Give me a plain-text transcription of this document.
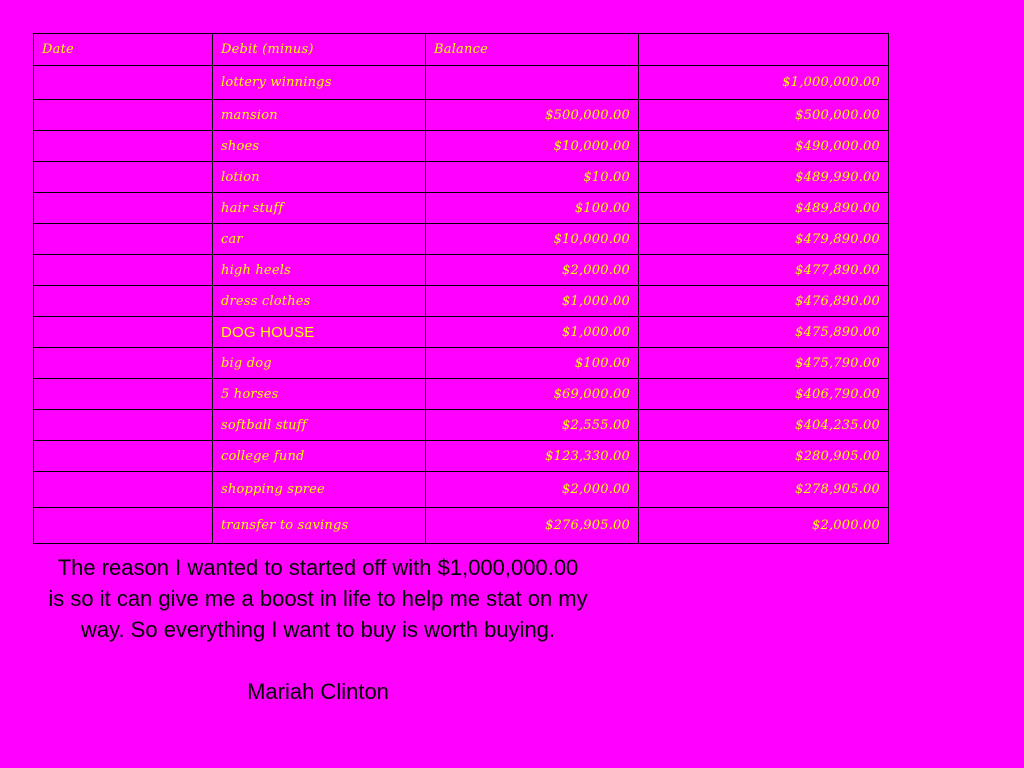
Date	Debit (minus)	Balance	
	lottery winnings		$1,000,000.00
	mansion	$500,000.00	$500,000.00
	shoes	$10,000.00	$490,000.00
	lotion	$10.00	$489,990.00
	hair stuff	$100.00	$489,890.00
	car	$10,000.00	$479,890.00
	high heels	$2,000.00	$477,890.00
	dress clothes	$1,000.00	$476,890.00
	DOG HOUSE	$1,000.00	$475,890.00
	big dog	$100.00	$475,790.00
	5 horses	$69,000.00	$406,790.00
	softball stuff	$2,555.00	$404,235.00
	college fund	$123,330.00	$280,905.00
	shopping spree	$2,000.00	$278,905.00
	transfer to savings	$276,905.00	$2,000.00

The reason I wanted to started off with $1,000,000.00 is so it can give me a boost in life to help me stat on my way. So everything I want to buy is worth buying.

Mariah Clinton
